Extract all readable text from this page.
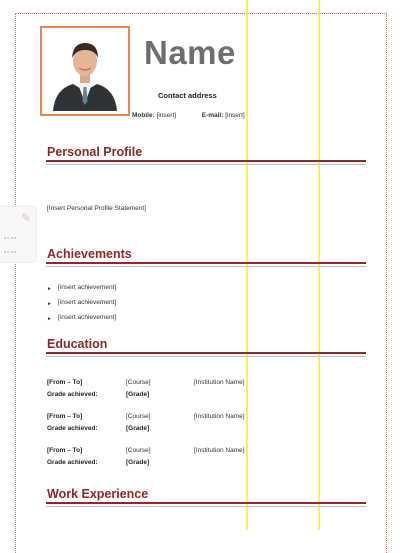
✎
Name
Contact address
Mobile: [insert]	E-mail: [insert]
Personal Profile
[Insert Personal Profile Statement]
Achievements
► [insert achievement]
► [insert achievement]
► [insert achievement]
Education
[From – To]	[Course]	[Institution Name]
Grade achieved:	[Grade]
[From – To]	[Course]	[Institution Name]
Grade achieved:	[Grade]
[From – To]	[Course]	[Institution Name]
Grade achieved:	[Grade]
Work Experience
